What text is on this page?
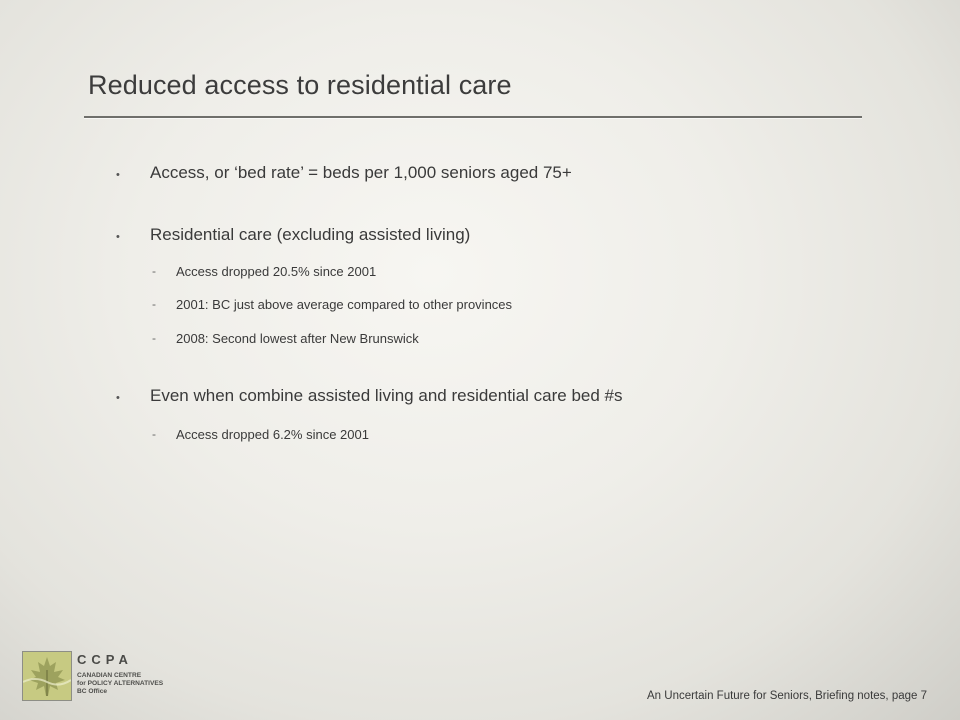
Reduced access to residential care
• Access, or ‘bed rate’ = beds per 1,000 seniors aged 75+
• Residential care (excluding assisted living)
- Access dropped 20.5% since 2001
- 2001: BC just above average compared to other provinces
- 2008: Second lowest after New Brunswick
• Even when combine assisted living and residential care bed #s
- Access dropped 6.2% since 2001
CCPA
CANADIAN CENTRE
for POLICY ALTERNATIVES
BC Office	An Uncertain Future for Seniors, Briefing notes, page 7
